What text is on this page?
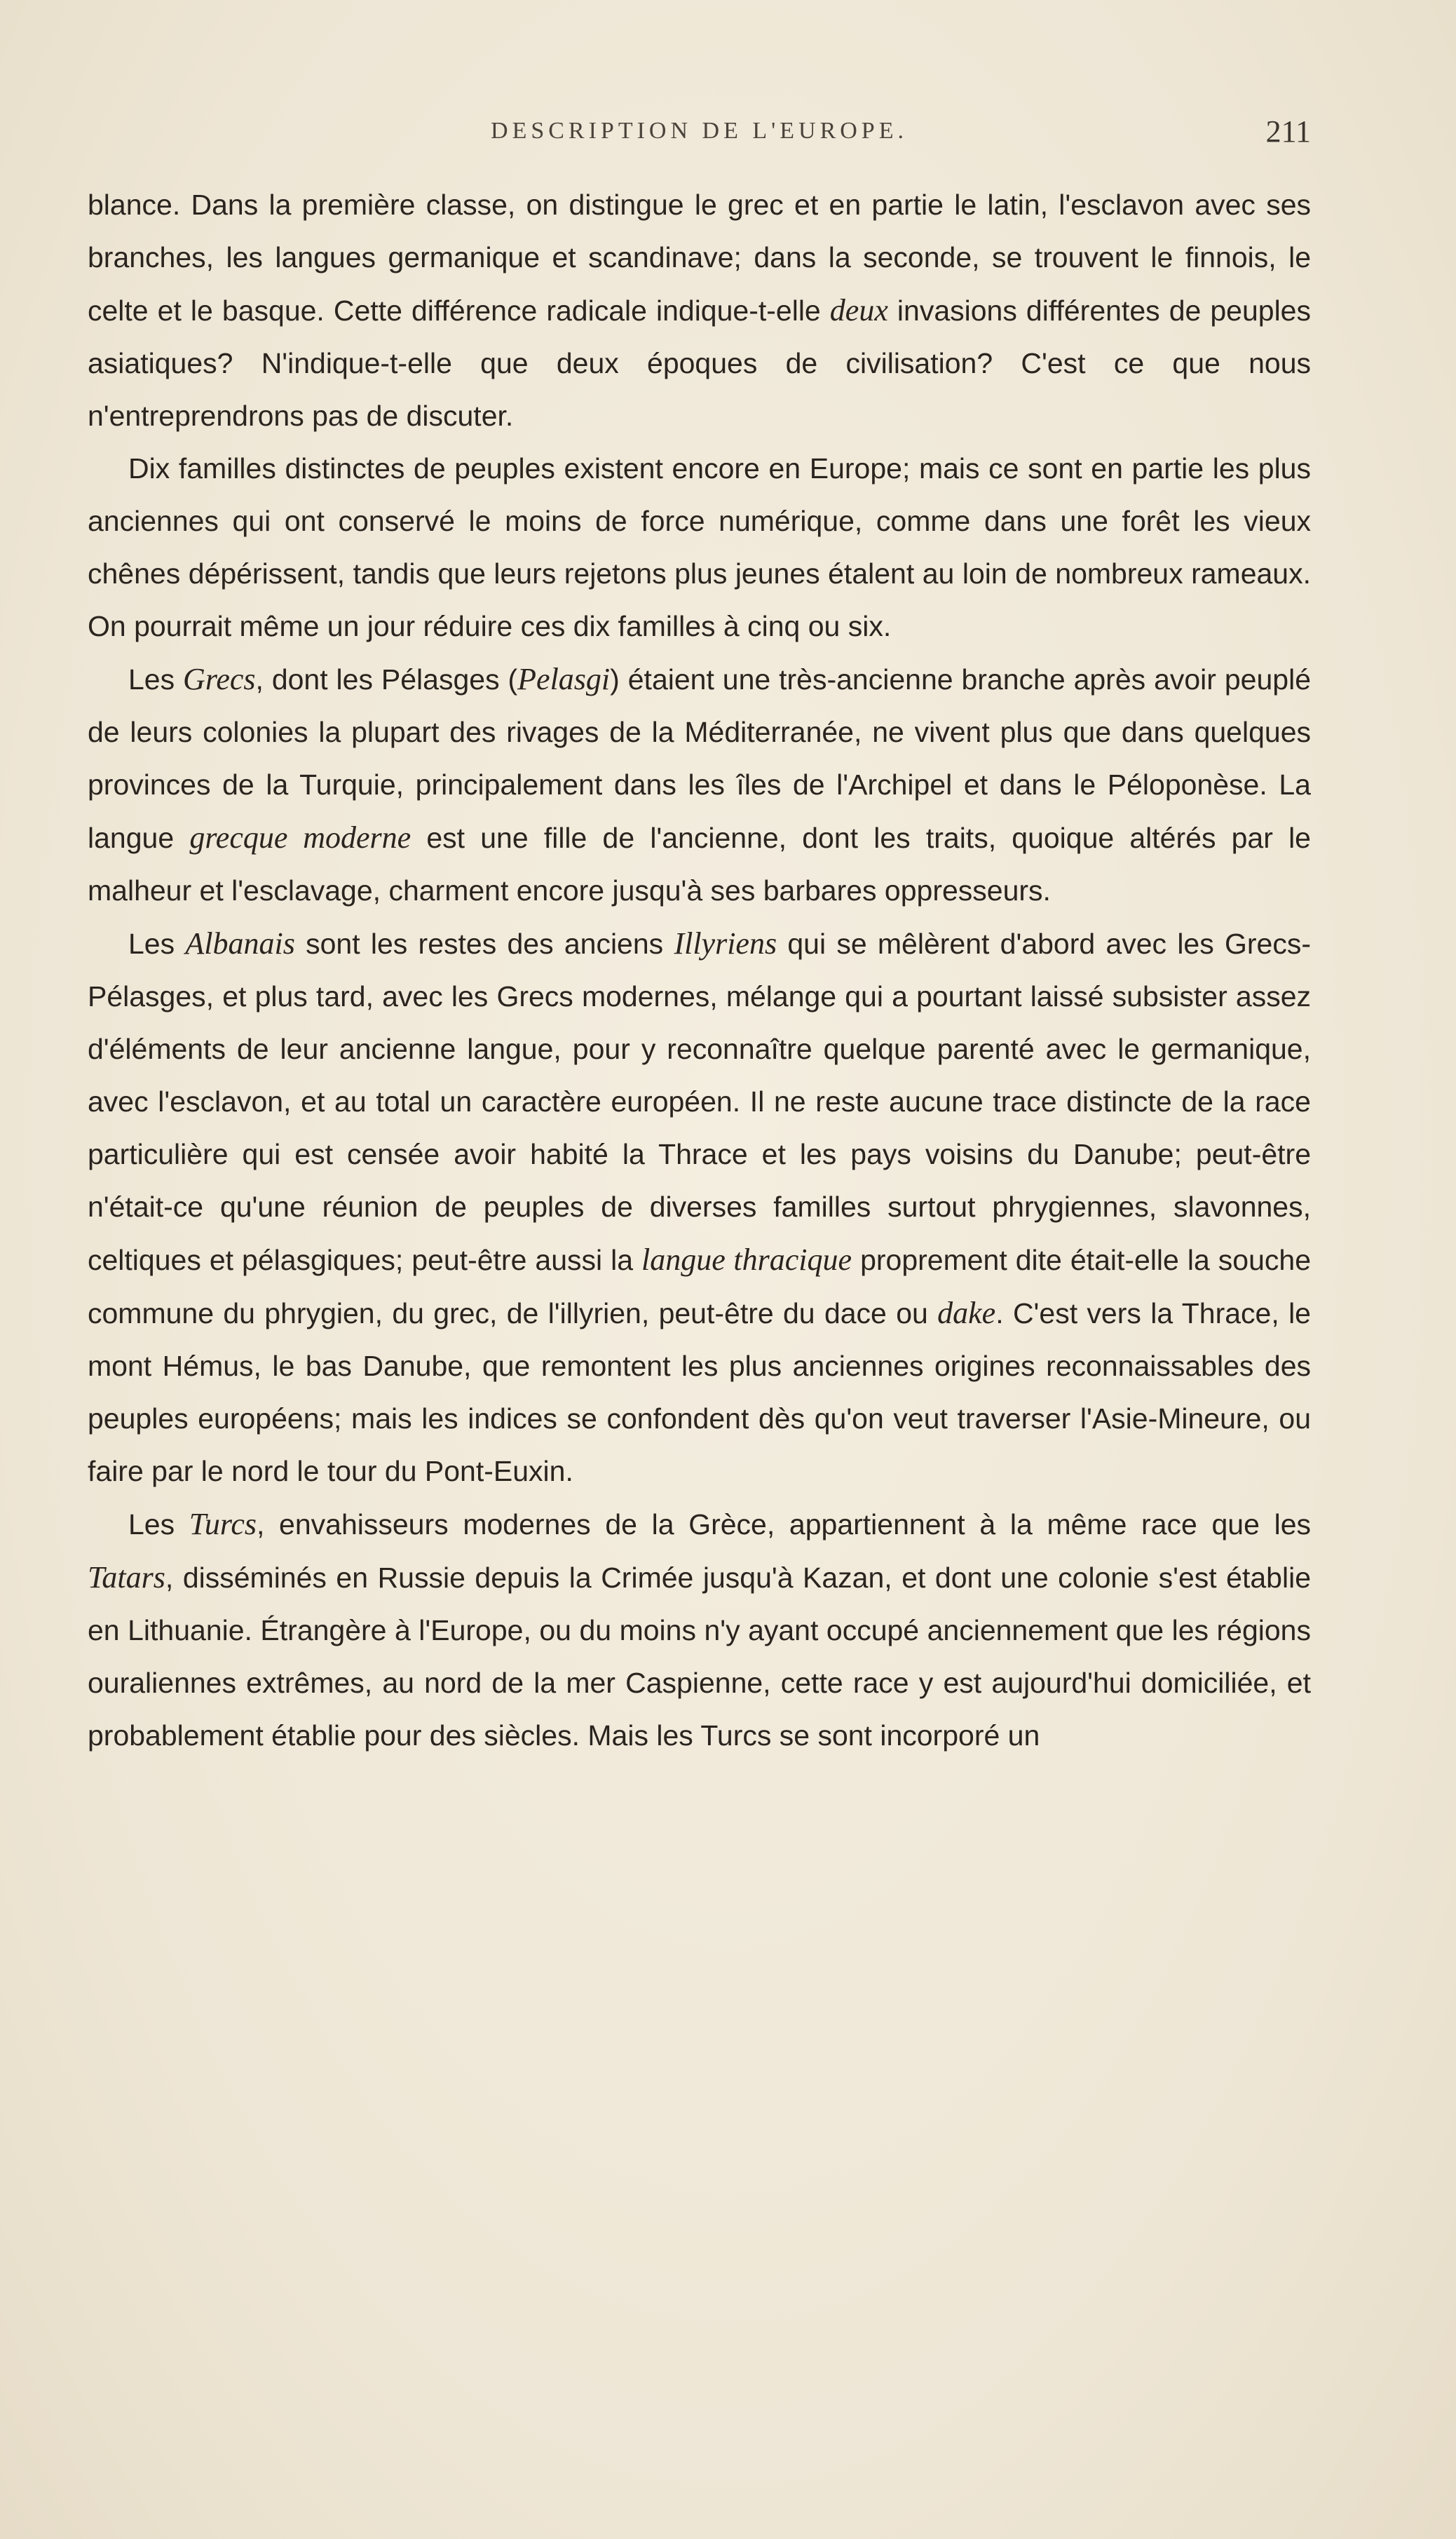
DESCRIPTION DE L'EUROPE.	211

blance. Dans la première classe, on distingue le grec et en partie le latin, l'esclavon avec ses branches, les langues germanique et scandinave; dans la seconde, se trouvent le finnois, le celte et le basque. Cette différence radicale indique-t-elle deux invasions différentes de peuples asiatiques? N'indique-t-elle que deux époques de civilisation? C'est ce que nous n'entreprendrons pas de discuter.

Dix familles distinctes de peuples existent encore en Europe; mais ce sont en partie les plus anciennes qui ont conservé le moins de force numérique, comme dans une forêt les vieux chênes dépérissent, tandis que leurs rejetons plus jeunes étalent au loin de nombreux rameaux. On pourrait même un jour réduire ces dix familles à cinq ou six.

Les Grecs, dont les Pélasges (Pelasgi) étaient une très-ancienne branche après avoir peuplé de leurs colonies la plupart des rivages de la Méditerranée, ne vivent plus que dans quelques provinces de la Turquie, principalement dans les îles de l'Archipel et dans le Péloponèse. La langue grecque moderne est une fille de l'ancienne, dont les traits, quoique altérés par le malheur et l'esclavage, charment encore jusqu'à ses barbares oppresseurs.

Les Albanais sont les restes des anciens Illyriens qui se mêlèrent d'abord avec les Grecs-Pélasges, et plus tard, avec les Grecs modernes, mélange qui a pourtant laissé subsister assez d'éléments de leur ancienne langue, pour y reconnaître quelque parenté avec le germanique, avec l'esclavon, et au total un caractère européen. Il ne reste aucune trace distincte de la race particulière qui est censée avoir habité la Thrace et les pays voisins du Danube; peut-être n'était-ce qu'une réunion de peuples de diverses familles surtout phrygiennes, slavonnes, celtiques et pélasgiques; peut-être aussi la langue thracique proprement dite était-elle la souche commune du phrygien, du grec, de l'illyrien, peut-être du dace ou dake. C'est vers la Thrace, le mont Hémus, le bas Danube, que remontent les plus anciennes origines reconnaissables des peuples européens; mais les indices se confondent dès qu'on veut traverser l'Asie-Mineure, ou faire par le nord le tour du Pont-Euxin.

Les Turcs, envahisseurs modernes de la Grèce, appartiennent à la même race que les Tatars, disséminés en Russie depuis la Crimée jusqu'à Kazan, et dont une colonie s'est établie en Lithuanie. Étrangère à l'Europe, ou du moins n'y ayant occupé anciennement que les régions ouraliennes extrêmes, au nord de la mer Caspienne, cette race y est aujourd'hui domiciliée, et probablement établie pour des siècles. Mais les Turcs se sont incorporé un
